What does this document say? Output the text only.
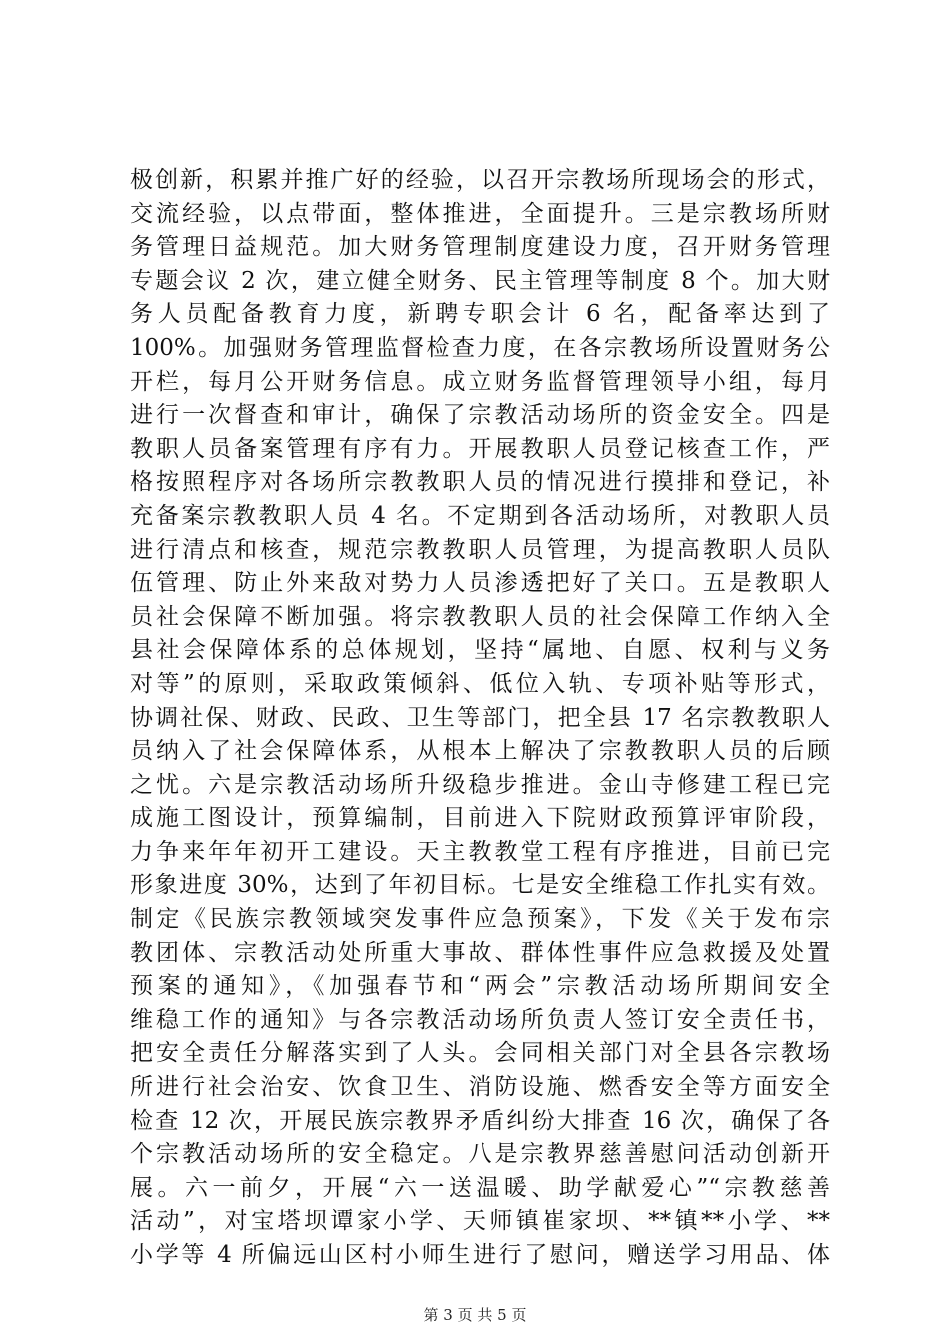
极创新，积累并推广好的经验，以召开宗教场所现场会的形式，
交流经验，以点带面，整体推进，全面提升。三是宗教场所财
务管理日益规范。加大财务管理制度建设力度，召开财务管理
专题会议 2 次，建立健全财务、民主管理等制度 8 个。加大财
务人员配备教育力度，新聘专职会计 6 名，配备率达到了
100%。加强财务管理监督检查力度，在各宗教场所设置财务公
开栏，每月公开财务信息。成立财务监督管理领导小组，每月
进行一次督查和审计，确保了宗教活动场所的资金安全。四是
教职人员备案管理有序有力。开展教职人员登记核查工作，严
格按照程序对各场所宗教教职人员的情况进行摸排和登记，补
充备案宗教教职人员 4 名。不定期到各活动场所，对教职人员
进行清点和核查，规范宗教教职人员管理，为提高教职人员队
伍管理、防止外来敌对势力人员渗透把好了关口。五是教职人
员社会保障不断加强。将宗教教职人员的社会保障工作纳入全
县社会保障体系的总体规划，坚持“属地、自愿、权利与义务
对等”的原则，采取政策倾斜、低位入轨、专项补贴等形式，
协调社保、财政、民政、卫生等部门，把全县 17 名宗教教职人
员纳入了社会保障体系，从根本上解决了宗教教职人员的后顾
之忧。六是宗教活动场所升级稳步推进。金山寺修建工程已完
成施工图设计，预算编制，目前进入下院财政预算评审阶段，
力争来年年初开工建设。天主教教堂工程有序推进，目前已完
形象进度 30%，达到了年初目标。七是安全维稳工作扎实有效。
制定《民族宗教领域突发事件应急预案》，下发《关于发布宗
教团体、宗教活动处所重大事故、群体性事件应急救援及处置
预案的通知》，《加强春节和“两会”宗教活动场所期间安全
维稳工作的通知》与各宗教活动场所负责人签订安全责任书，
把安全责任分解落实到了人头。会同相关部门对全县各宗教场
所进行社会治安、饮食卫生、消防设施、燃香安全等方面安全
检查 12 次，开展民族宗教界矛盾纠纷大排查 16 次，确保了各
个宗教活动场所的安全稳定。八是宗教界慈善慰问活动创新开
展。六一前夕，开展“六一送温暖、助学献爱心”“宗教慈善
活动”，对宝塔坝谭家小学、天师镇崔家坝、**镇**小学、**
小学等 4 所偏远山区村小师生进行了慰问，赠送学习用品、体
第 3 页 共 5 页
